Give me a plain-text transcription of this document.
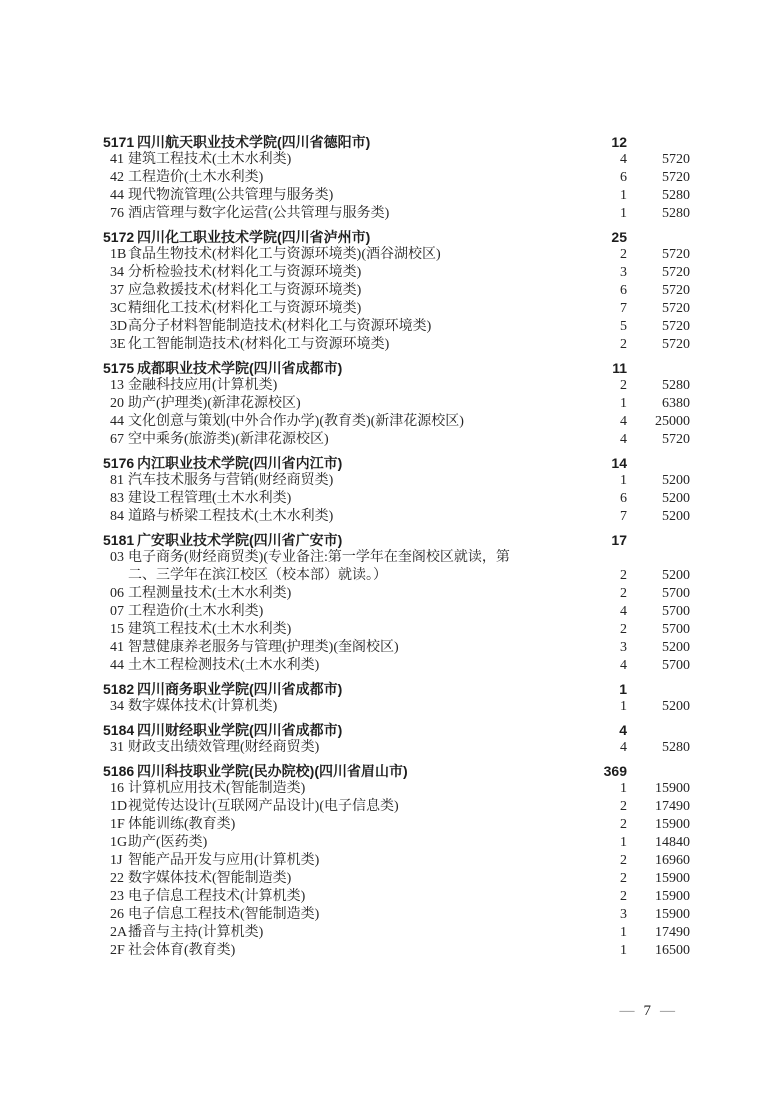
5171 四川航天职业技术学院(四川省德阳市)	12
41 建筑工程技术(土木水利类)	4	5720
42 工程造价(土木水利类)	6	5720
44 现代物流管理(公共管理与服务类)	1	5280
76 酒店管理与数字化运营(公共管理与服务类)	1	5280
5172 四川化工职业技术学院(四川省泸州市)	25
1B 食品生物技术(材料化工与资源环境类)(酒谷湖校区)	2	5720
34 分析检验技术(材料化工与资源环境类)	3	5720
37 应急救援技术(材料化工与资源环境类)	6	5720
3C 精细化工技术(材料化工与资源环境类)	7	5720
3D 高分子材料智能制造技术(材料化工与资源环境类)	5	5720
3E 化工智能制造技术(材料化工与资源环境类)	2	5720
5175 成都职业技术学院(四川省成都市)	11
13 金融科技应用(计算机类)	2	5280
20 助产(护理类)(新津花源校区)	1	6380
44 文化创意与策划(中外合作办学)(教育类)(新津花源校区)	4	25000
67 空中乘务(旅游类)(新津花源校区)	4	5720
5176 内江职业技术学院(四川省内江市)	14
81 汽车技术服务与营销(财经商贸类)	1	5200
83 建设工程管理(土木水利类)	6	5200
84 道路与桥梁工程技术(土木水利类)	7	5200
5181 广安职业技术学院(四川省广安市)	17
03 电子商务(财经商贸类)(专业备注:第一学年在奎阁校区就读，第二、三学年在滨江校区（校本部）就读。）	2	5200
06 工程测量技术(土木水利类)	2	5700
07 工程造价(土木水利类)	4	5700
15 建筑工程技术(土木水利类)	2	5700
41 智慧健康养老服务与管理(护理类)(奎阁校区)	3	5200
44 土木工程检测技术(土木水利类)	4	5700
5182 四川商务职业学院(四川省成都市)	1
34 数字媒体技术(计算机类)	1	5200
5184 四川财经职业学院(四川省成都市)	4
31 财政支出绩效管理(财经商贸类)	4	5280
5186 四川科技职业学院(民办院校)(四川省眉山市)	369
16 计算机应用技术(智能制造类)	1	15900
1D 视觉传达设计(互联网产品设计)(电子信息类)	2	17490
1F 体能训练(教育类)	2	15900
1G 助产(医药类)	1	14840
1J 智能产品开发与应用(计算机类)	2	16960
22 数字媒体技术(智能制造类)	2	15900
23 电子信息工程技术(计算机类)	2	15900
26 电子信息工程技术(智能制造类)	3	15900
2A 播音与主持(计算机类)	1	17490
2F 社会体育(教育类)	1	16500
— 7 —
